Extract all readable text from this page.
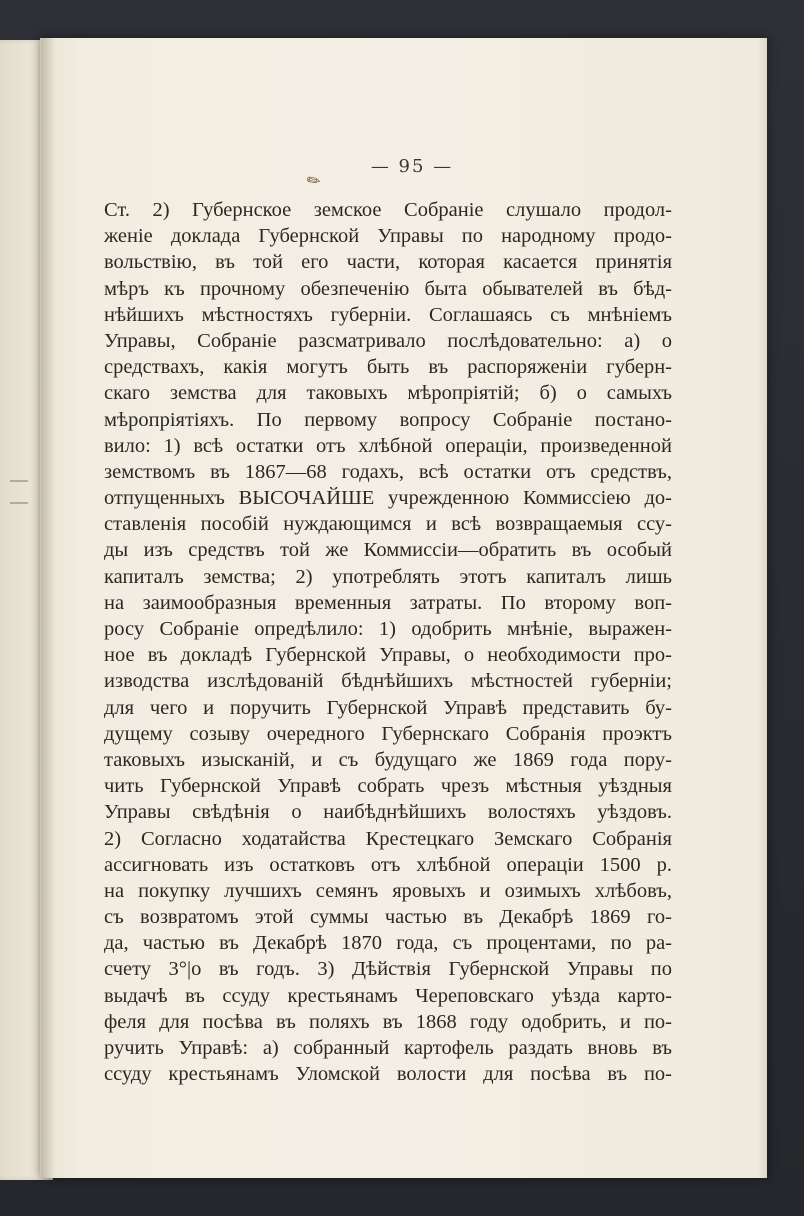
— 95 —
✎
Ст. 2) Губернское земское Собранiе слушало продол-
женiе доклада Губернской Управы по народному продо-
вольствiю, въ той его части, которая касается принятiя
мѣръ къ прочному обезпеченiю быта обывателей въ бѣд-
нѣйшихъ мѣстностяхъ губернiи. Соглашаясь съ мнѣнiемъ
Управы, Собранiе разсматривало послѣдовательно: а) о
средствахъ, какiя могутъ быть въ распоряженiи губерн-
скаго земства для таковыхъ мѣропрiятiй; б) о самыхъ
мѣропрiятiяхъ. По первому вопросу Собранiе постано-
вило: 1) всѣ остатки отъ хлѣбной операцiи, произведенной
земствомъ въ 1867—68 годахъ, всѣ остатки отъ средствъ,
отпущенныхъ ВЫСОЧАЙШЕ учрежденною Коммиссiею до-
ставленiя пособiй нуждающимся и всѣ возвращаемыя ссу-
ды изъ средствъ той же Коммиссiи—обратить въ особый
капиталъ земства; 2) употреблять этотъ капиталъ лишь
на заимообразныя временныя затраты. По второму воп-
росу Собранiе опредѣлило: 1) одобрить мнѣнiе, выражен-
ное въ докладѣ Губернской Управы, о необходимости про-
изводства изслѣдованiй бѣднѣйшихъ мѣстностей губернiи;
для чего и поручить Губернской Управѣ представить бу-
дущему созыву очередного Губернскаго Собранiя проэктъ
таковыхъ изысканiй, и съ будущаго же 1869 года пору-
чить Губернской Управѣ собрать чрезъ мѣстныя уѣздныя
Управы свѣдѣнiя о наибѣднѣйшихъ волостяхъ уѣздовъ.
2) Согласно ходатайства Крестецкаго Земскаго Собранiя
ассигновать изъ остатковъ отъ хлѣбной операцiи 1500 р.
на покупку лучшихъ семянъ яровыхъ и озимыхъ хлѣбовъ,
съ возвратомъ этой суммы частью въ Декабрѣ 1869 го-
да, частью въ Декабрѣ 1870 года, съ процентами, по ра-
счету 3°|о въ годъ. 3) Дѣйствiя Губернской Управы по
выдачѣ въ ссуду крестьянамъ Череповскаго уѣзда карто-
феля для посѣва въ поляхъ въ 1868 году одобрить, и по-
ручить Управѣ: а) собранный картофель раздать вновь въ
ссуду крестьянамъ Уломской волости для посѣва въ по-
